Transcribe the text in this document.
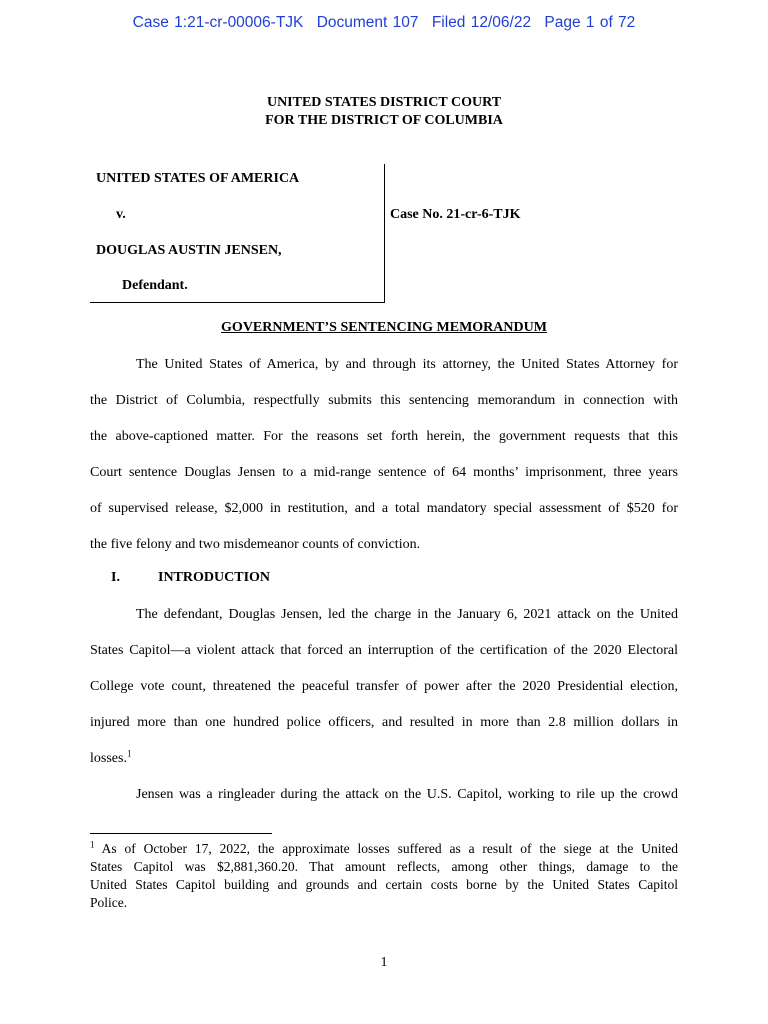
Case 1:21-cr-00006-TJK Document 107 Filed 12/06/22 Page 1 of 72
UNITED STATES DISTRICT COURT
FOR THE DISTRICT OF COLUMBIA
UNITED STATES OF AMERICA
v.
DOUGLAS AUSTIN JENSEN,
Defendant.
Case No. 21-cr-6-TJK
GOVERNMENT’S SENTENCING MEMORANDUM
The United States of America, by and through its attorney, the United States Attorney for
the District of Columbia, respectfully submits this sentencing memorandum in connection with
the above-captioned matter. For the reasons set forth herein, the government requests that this
Court sentence Douglas Jensen to a mid-range sentence of 64 months’ imprisonment, three years
of supervised release, $2,000 in restitution, and a total mandatory special assessment of $520 for
the five felony and two misdemeanor counts of conviction.
I.	INTRODUCTION
The defendant, Douglas Jensen, led the charge in the January 6, 2021 attack on the United
States Capitol—a violent attack that forced an interruption of the certification of the 2020 Electoral
College vote count, threatened the peaceful transfer of power after the 2020 Presidential election,
injured more than one hundred police officers, and resulted in more than 2.8 million dollars in
losses.$^1$
Jensen was a ringleader during the attack on the U.S. Capitol, working to rile up the crowd
$^1$ As of October 17, 2022, the approximate losses suffered as a result of the siege at the United
States Capitol was $2,881,360.20. That amount reflects, among other things, damage to the
United States Capitol building and grounds and certain costs borne by the United States Capitol
Police.
1
